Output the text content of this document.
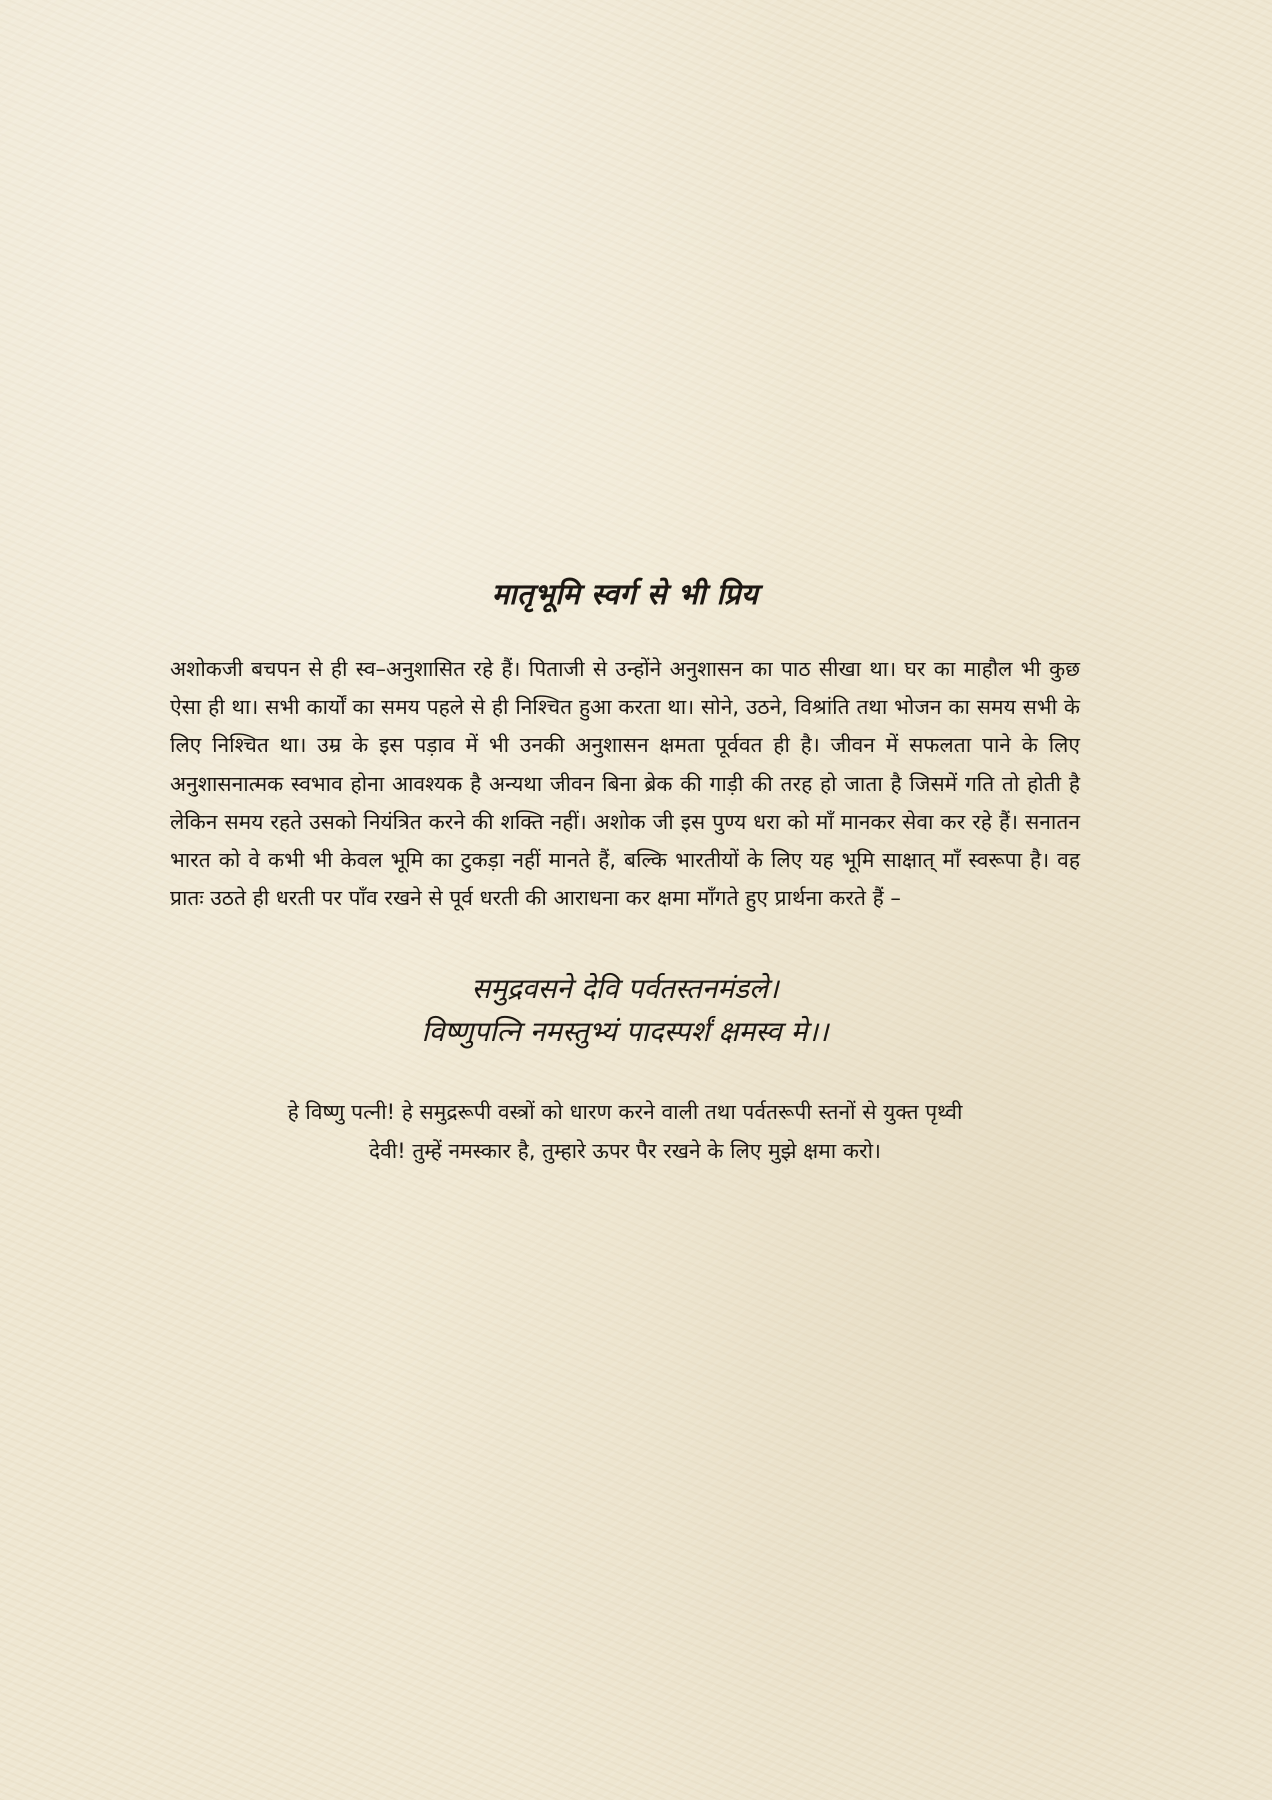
मातृभूमि स्वर्ग से भी प्रिय

अशोकजी बचपन से ही स्व–अनुशासित रहे हैं। पिताजी से उन्होंने अनुशासन का पाठ सीखा था। घर का माहौल भी कुछ ऐसा ही था। सभी कार्यों का समय पहले से ही निश्चित हुआ करता था। सोने, उठने, विश्रांति तथा भोजन का समय सभी के लिए निश्चित था। उम्र के इस पड़ाव में भी उनकी अनुशासन क्षमता पूर्ववत ही है। जीवन में सफलता पाने के लिए अनुशासनात्मक स्वभाव होना आवश्यक है अन्यथा जीवन बिना ब्रेक की गाड़ी की तरह हो जाता है जिसमें गति तो होती है लेकिन समय रहते उसको नियंत्रित करने की शक्ति नहीं। अशोक जी इस पुण्य धरा को माँ मानकर सेवा कर रहे हैं। सनातन भारत को वे कभी भी केवल भूमि का टुकड़ा नहीं मानते हैं, बल्कि भारतीयों के लिए यह भूमि साक्षात् माँ स्वरूपा है। वह प्रातः उठते ही धरती पर पाँव रखने से पूर्व धरती की आराधना कर क्षमा माँगते हुए प्रार्थना करते हैं –

समुद्रवसने देवि पर्वतस्तनमंडले।
विष्णुपत्नि नमस्तुभ्यं पादस्पर्शं क्षमस्व मे।।

हे विष्णु पत्नी! हे समुद्ररूपी वस्त्रों को धारण करने वाली तथा पर्वतरूपी स्तनों से युक्त पृथ्वी
देवी! तुम्हें नमस्कार है, तुम्हारे ऊपर पैर रखने के लिए मुझे क्षमा करो।
